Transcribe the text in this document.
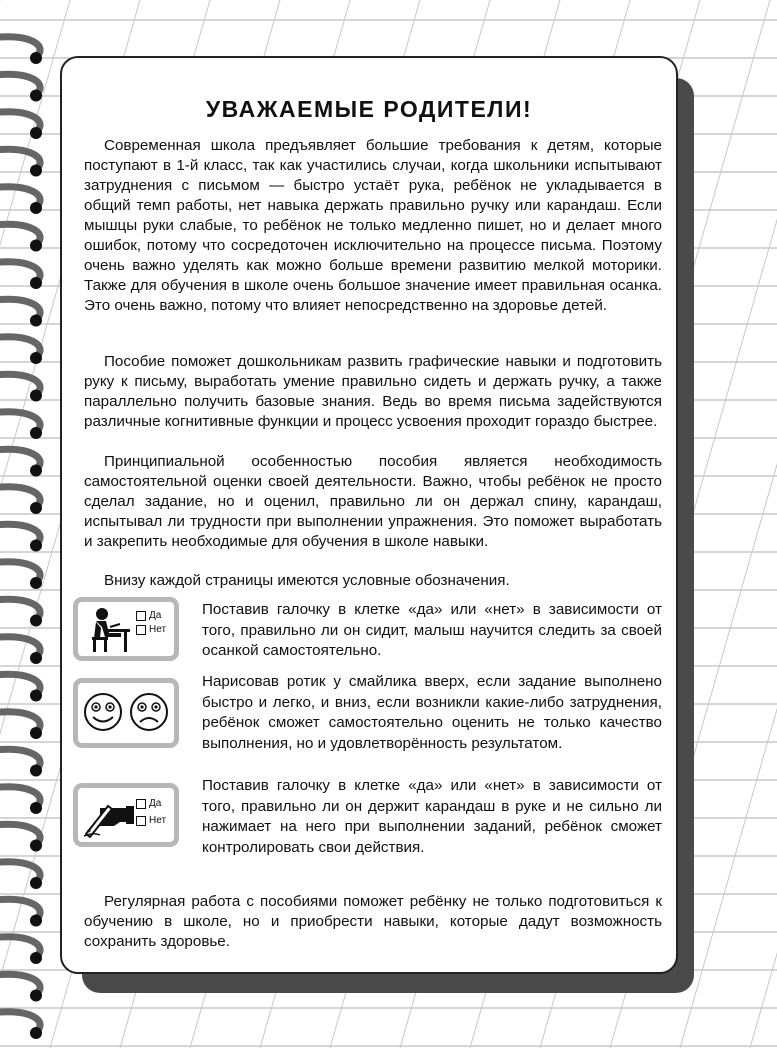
УВАЖАЕМЫЕ РОДИТЕЛИ!

Современная школа предъявляет большие требования к детям, которые поступают в 1-й класс, так как участились случаи, когда школьники испытывают затруднения с письмом — быстро устаёт рука, ребёнок не укладывается в общий темп работы, нет навыка держать правильно ручку или карандаш. Если мышцы руки слабые, то ребёнок не только медленно пишет, но и делает много ошибок, потому что сосредоточен исключительно на процессе письма. Поэтому очень важно уделять как можно больше времени развитию мелкой моторики. Также для обучения в школе очень большое значение имеет правильная осанка. Это очень важно, потому что влияет непосредственно на здоровье детей.

Пособие поможет дошкольникам развить графические навыки и подготовить руку к письму, выработать умение правильно сидеть и держать ручку, а также параллельно получить базовые знания. Ведь во время письма задействуются различные когнитивные функции и процесс усвоения проходит гораздо быстрее.

Принципиальной особенностью пособия является необходимость самостоятельной оценки своей деятельности. Важно, чтобы ребёнок не просто сделал задание, но и оценил, правильно ли он держал спину, карандаш, испытывал ли трудности при выполнении упражнения. Это поможет выработать и закрепить необходимые для обучения в школе навыки.

Внизу каждой страницы имеются условные обозначения.

Да
Нет

Поставив галочку в клетке «да» или «нет» в зависимости от того, правильно ли он сидит, малыш научится следить за своей осанкой самостоятельно.

Нарисовав ротик у смайлика вверх, если задание выполнено быстро и легко, и вниз, если возникли какие-либо затруднения, ребёнок сможет самостоятельно оценить не только качество выполнения, но и удовлетворённость результатом.

Да
Нет

Поставив галочку в клетке «да» или «нет» в зависимости от того, правильно ли он держит карандаш в руке и не сильно ли нажимает на него при выполнении заданий, ребёнок сможет контролировать свои действия.

Регулярная работа с пособиями поможет ребёнку не только подготовиться к обучению в школе, но и приобрести навыки, которые дадут возможность сохранить здоровье.
